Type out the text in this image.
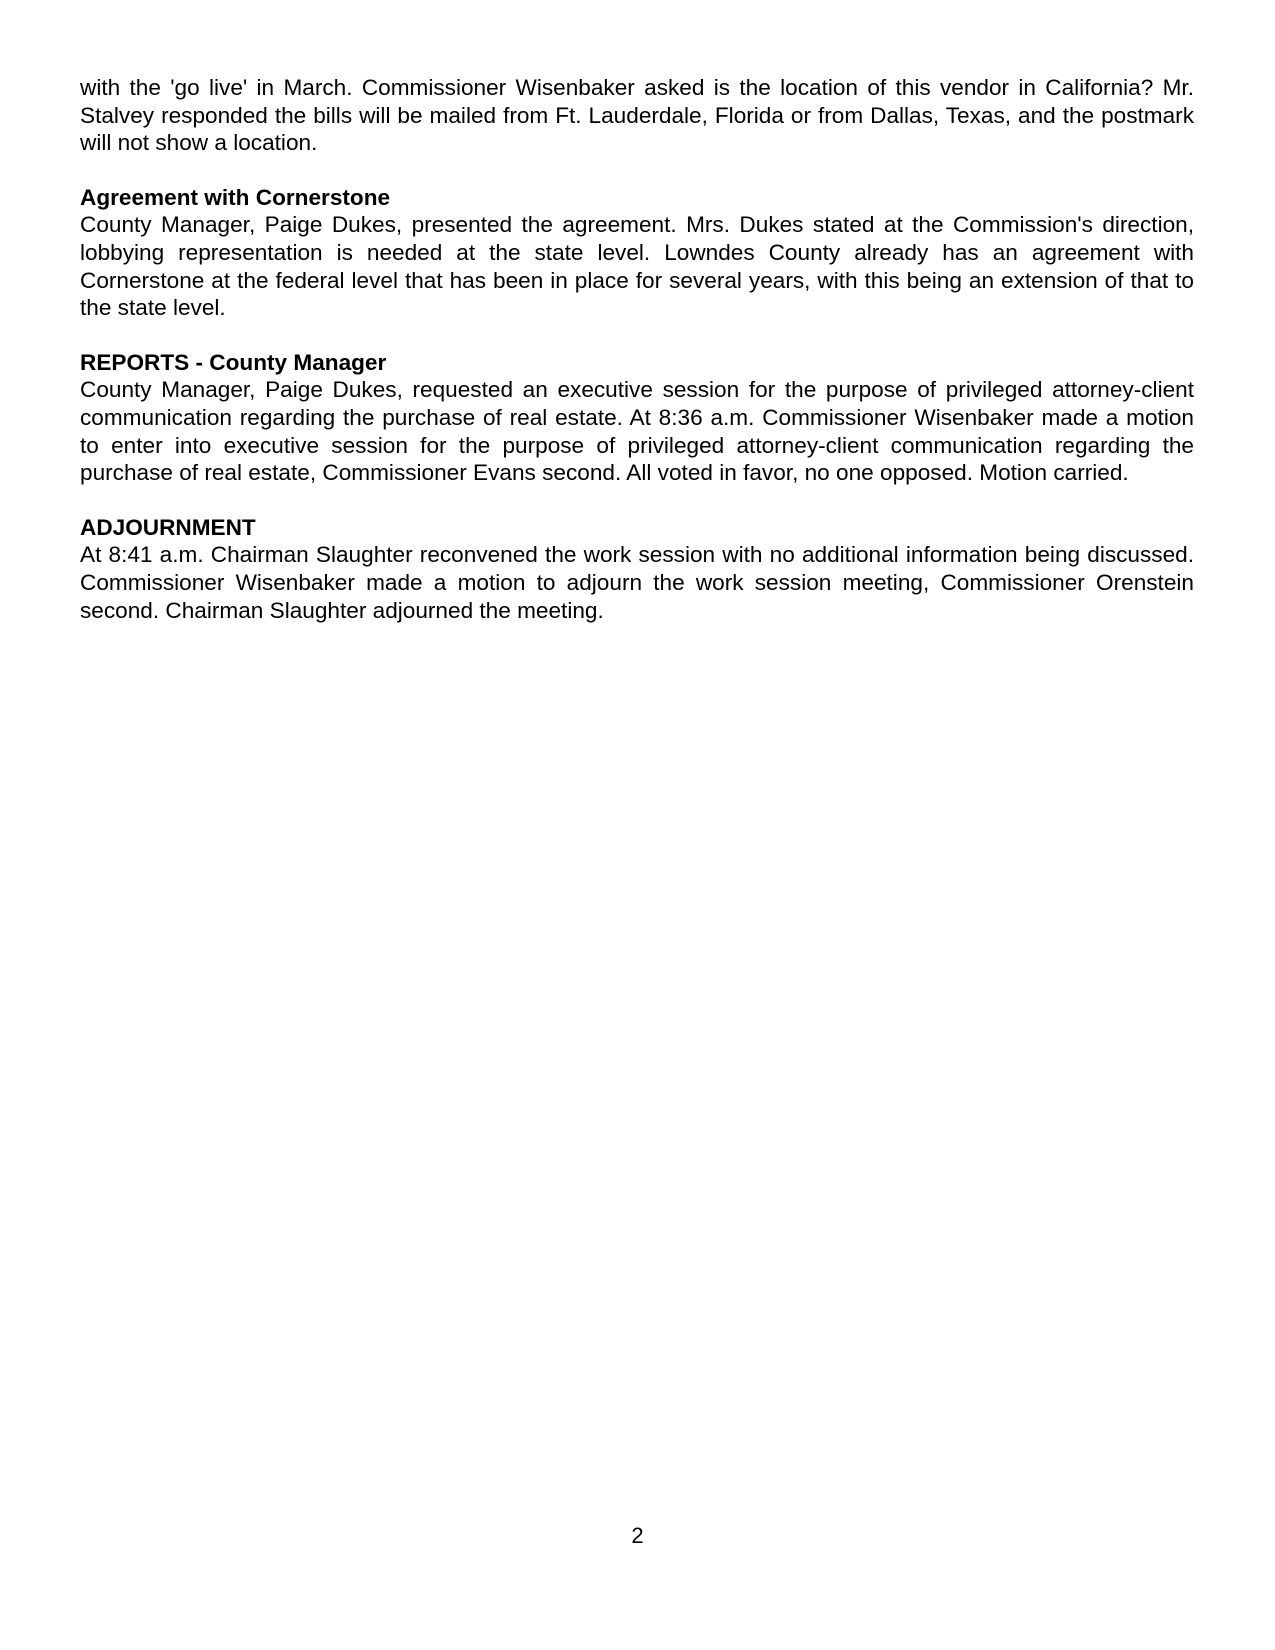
with the 'go live' in March. Commissioner Wisenbaker asked is the location of this vendor in California? Mr. Stalvey responded the bills will be mailed from Ft. Lauderdale, Florida or from Dallas, Texas, and the postmark will not show a location.

Agreement with Cornerstone

County Manager, Paige Dukes, presented the agreement. Mrs. Dukes stated at the Commission's direction, lobbying representation is needed at the state level. Lowndes County already has an agreement with Cornerstone at the federal level that has been in place for several years, with this being an extension of that to the state level.

REPORTS - County Manager

County Manager, Paige Dukes, requested an executive session for the purpose of privileged attorney-client communication regarding the purchase of real estate. At 8:36 a.m. Commissioner Wisenbaker made a motion to enter into executive session for the purpose of privileged attorney-client communication regarding the purchase of real estate, Commissioner Evans second. All voted in favor, no one opposed. Motion carried.

ADJOURNMENT

At 8:41 a.m. Chairman Slaughter reconvened the work session with no additional information being discussed. Commissioner Wisenbaker made a motion to adjourn the work session meeting, Commissioner Orenstein second. Chairman Slaughter adjourned the meeting.

2
